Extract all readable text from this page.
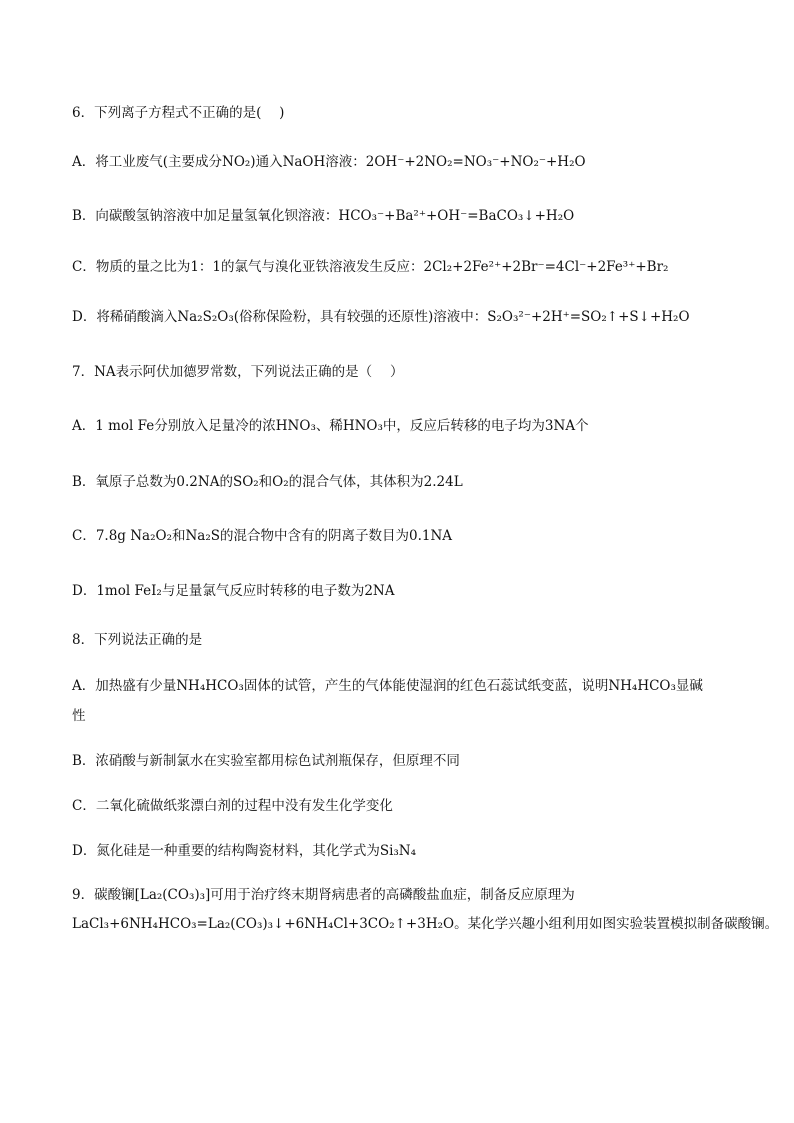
6．下列离子方程式不正确的是(　 )
A．将工业废气(主要成分NO₂)通入NaOH溶液：2OH⁻+2NO₂=NO₃⁻+NO₂⁻+H₂O
B．向碳酸氢钠溶液中加足量氢氧化钡溶液：HCO₃⁻+Ba²⁺+OH⁻=BaCO₃↓+H₂O
C．物质的量之比为1：1的氯气与溴化亚铁溶液发生反应：2Cl₂+2Fe²⁺+2Br⁻=4Cl⁻+2Fe³⁺+Br₂
D．将稀硝酸滴入Na₂S₂O₃(俗称保险粉，具有较强的还原性)溶液中：S₂O₃²⁻+2H⁺=SO₂↑+S↓+H₂O
7．NA表示阿伏加德罗常数，下列说法正确的是（　 ）
A．1 mol Fe分别放入足量冷的浓HNO₃、稀HNO₃中，反应后转移的电子均为3NA个
B．氧原子总数为0.2NA的SO₂和O₂的混合气体，其体积为2.24L
C．7.8g Na₂O₂和Na₂S的混合物中含有的阴离子数目为0.1NA
D．1mol FeI₂与足量氯气反应时转移的电子数为2NA
8．下列说法正确的是
A．加热盛有少量NH₄HCO₃固体的试管，产生的气体能使湿润的红色石蕊试纸变蓝，说明NH₄HCO₃显碱
性
B．浓硝酸与新制氯水在实验室都用棕色试剂瓶保存，但原理不同
C．二氧化硫做纸浆漂白剂的过程中没有发生化学变化
D．氮化硅是一种重要的结构陶瓷材料，其化学式为Si₃N₄
9．碳酸镧[La₂(CO₃)₃]可用于治疗终末期肾病患者的高磷酸盐血症，制备反应原理为
LaCl₃+6NH₄HCO₃=La₂(CO₃)₃↓+6NH₄Cl+3CO₂↑+3H₂O。某化学兴趣小组利用如图实验装置模拟制备碳酸镧。
